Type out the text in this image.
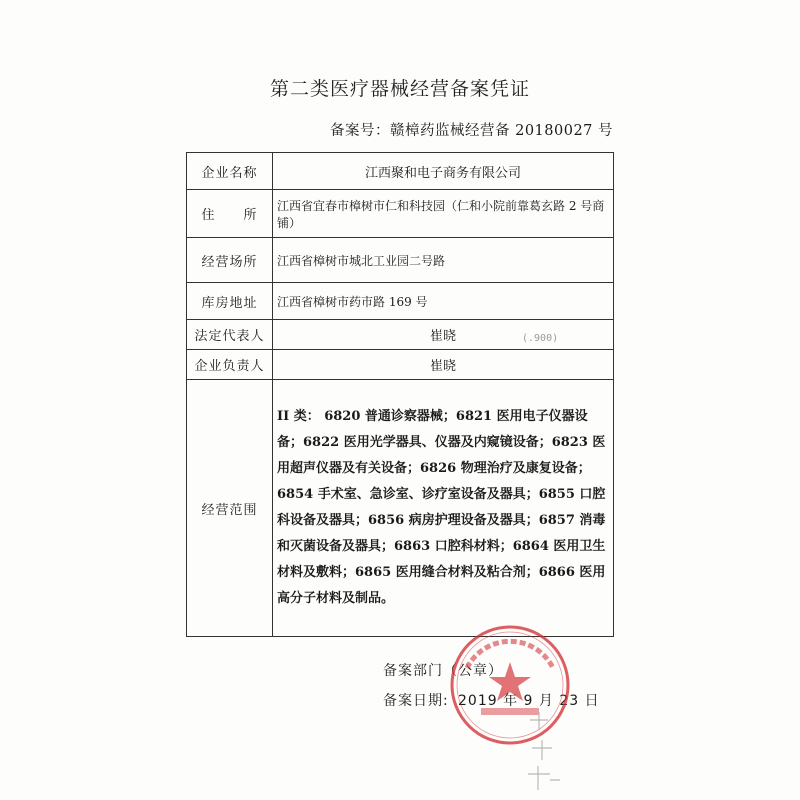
第二类医疗器械经营备案凭证
备案号：赣樟药监械经营备 20180027 号
企业名称	江西聚和电子商务有限公司
住　　所	江西省宜春市樟树市仁和科技园（仁和小院前靠葛玄路 2 号商铺）
经营场所	江西省樟树市城北工业园二号路
库房地址	江西省樟树市药市路 169 号
法定代表人	崔晓
企业负责人	崔晓
经营范围	II 类： 6820 普通诊察器械；6821 医用电子仪器设备；6822 医用光学器具、仪器及内窥镜设备；6823 医用超声仪器及有关设备；6826 物理治疗及康复设备； 6854 手术室、急诊室、诊疗室设备及器具；6855 口腔科设备及器具；6856 病房护理设备及器具；6857 消毒和灭菌设备及器具；6863 口腔科材料；6864 医用卫生材料及敷料；6865 医用缝合材料及粘合剂；6866 医用高分子材料及制品。
(.900)
备案部门（公章）
备案日期: 2019 年 9 月 23 日
